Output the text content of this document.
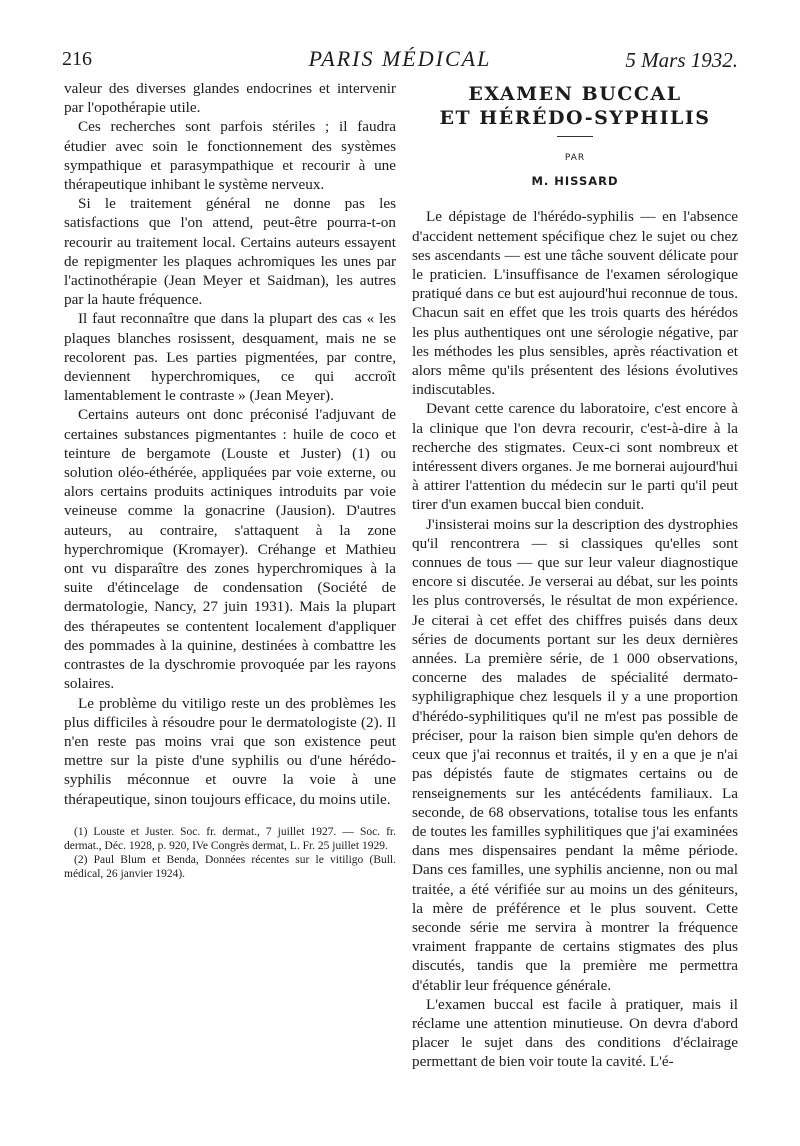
216	PARIS MÉDICAL	5 Mars 1932.

valeur des diverses glandes endocrines et intervenir par l'opothérapie utile.

Ces recherches sont parfois stériles ; il faudra étudier avec soin le fonctionnement des systèmes sympathique et parasympathique et recourir à une thérapeutique inhibant le système nerveux.

Si le traitement général ne donne pas les satisfactions que l'on attend, peut-être pourra-t-on recourir au traitement local. Certains auteurs essayent de repigmenter les plaques achromiques les unes par l'actinothérapie (Jean Meyer et Saidman), les autres par la haute fréquence.

Il faut reconnaître que dans la plupart des cas « les plaques blanches rosissent, desquament, mais ne se recolorent pas. Les parties pigmentées, par contre, deviennent hyperchromiques, ce qui accroît lamentablement le contraste » (Jean Meyer).

Certains auteurs ont donc préconisé l'adjuvant de certaines substances pigmentantes : huile de coco et teinture de bergamote (Louste et Juster) (1) ou solution oléo-éthérée, appliquées par voie externe, ou alors certains produits actiniques introduits par voie veineuse comme la gonacrine (Jausion). D'autres auteurs, au contraire, s'attaquent à la zone hyperchromique (Kromayer). Créhange et Mathieu ont vu disparaître des zones hyperchromiques à la suite d'étincelage de condensation (Société de dermatologie, Nancy, 27 juin 1931). Mais la plupart des thérapeutes se contentent localement d'appliquer des pommades à la quinine, destinées à combattre les contrastes de la dyschromie provoquée par les rayons solaires.

Le problème du vitiligo reste un des problèmes les plus difficiles à résoudre pour le dermatologiste (2). Il n'en reste pas moins vrai que son existence peut mettre sur la piste d'une syphilis ou d'une hérédo-syphilis méconnue et ouvre la voie à une thérapeutique, sinon toujours efficace, du moins utile.

(1) Louste et Juster. Soc. fr. dermat., 7 juillet 1927. — Soc. fr. dermat., Déc. 1928, p. 920, IVe Congrès dermat, L. Fr. 25 juillet 1929.

(2) Paul Blum et Benda, Données récentes sur le vitiligo (Bull. médical, 26 janvier 1924).

EXAMEN BUCCAL
ET HÉRÉDO-SYPHILIS
PAR
M. HISSARD

Le dépistage de l'hérédo-syphilis — en l'absence d'accident nettement spécifique chez le sujet ou chez ses ascendants — est une tâche souvent délicate pour le praticien. L'insuffisance de l'examen sérologique pratiqué dans ce but est aujourd'hui reconnue de tous. Chacun sait en effet que les trois quarts des hérédos les plus authentiques ont une sérologie négative, par les méthodes les plus sensibles, après réactivation et alors même qu'ils présentent des lésions évolutives indiscutables.

Devant cette carence du laboratoire, c'est encore à la clinique que l'on devra recourir, c'est-à-dire à la recherche des stigmates. Ceux-ci sont nombreux et intéressent divers organes. Je me bornerai aujourd'hui à attirer l'attention du médecin sur le parti qu'il peut tirer d'un examen buccal bien conduit.

J'insisterai moins sur la description des dystrophies qu'il rencontrera — si classiques qu'elles sont connues de tous — que sur leur valeur diagnostique encore si discutée. Je verserai au débat, sur les points les plus controversés, le résultat de mon expérience. Je citerai à cet effet des chiffres puisés dans deux séries de documents portant sur les deux dernières années. La première série, de 1 000 observations, concerne des malades de spécialité dermato-syphiligraphique chez lesquels il y a une proportion d'hérédo-syphilitiques qu'il ne m'est pas possible de préciser, pour la raison bien simple qu'en dehors de ceux que j'ai reconnus et traités, il y en a que je n'ai pas dépistés faute de stigmates certains ou de renseignements sur les antécédents familiaux. La seconde, de 68 observations, totalise tous les enfants de toutes les familles syphilitiques que j'ai examinées dans mes dispensaires pendant la même période. Dans ces familles, une syphilis ancienne, non ou mal traitée, a été vérifiée sur au moins un des géniteurs, la mère de préférence et le plus souvent. Cette seconde série me servira à montrer la fréquence vraiment frappante de certains stigmates des plus discutés, tandis que la première me permettra d'établir leur fréquence générale.

L'examen buccal est facile à pratiquer, mais il réclame une attention minutieuse. On devra d'abord placer le sujet dans des conditions d'éclairage permettant de bien voir toute la cavité. L'é-
